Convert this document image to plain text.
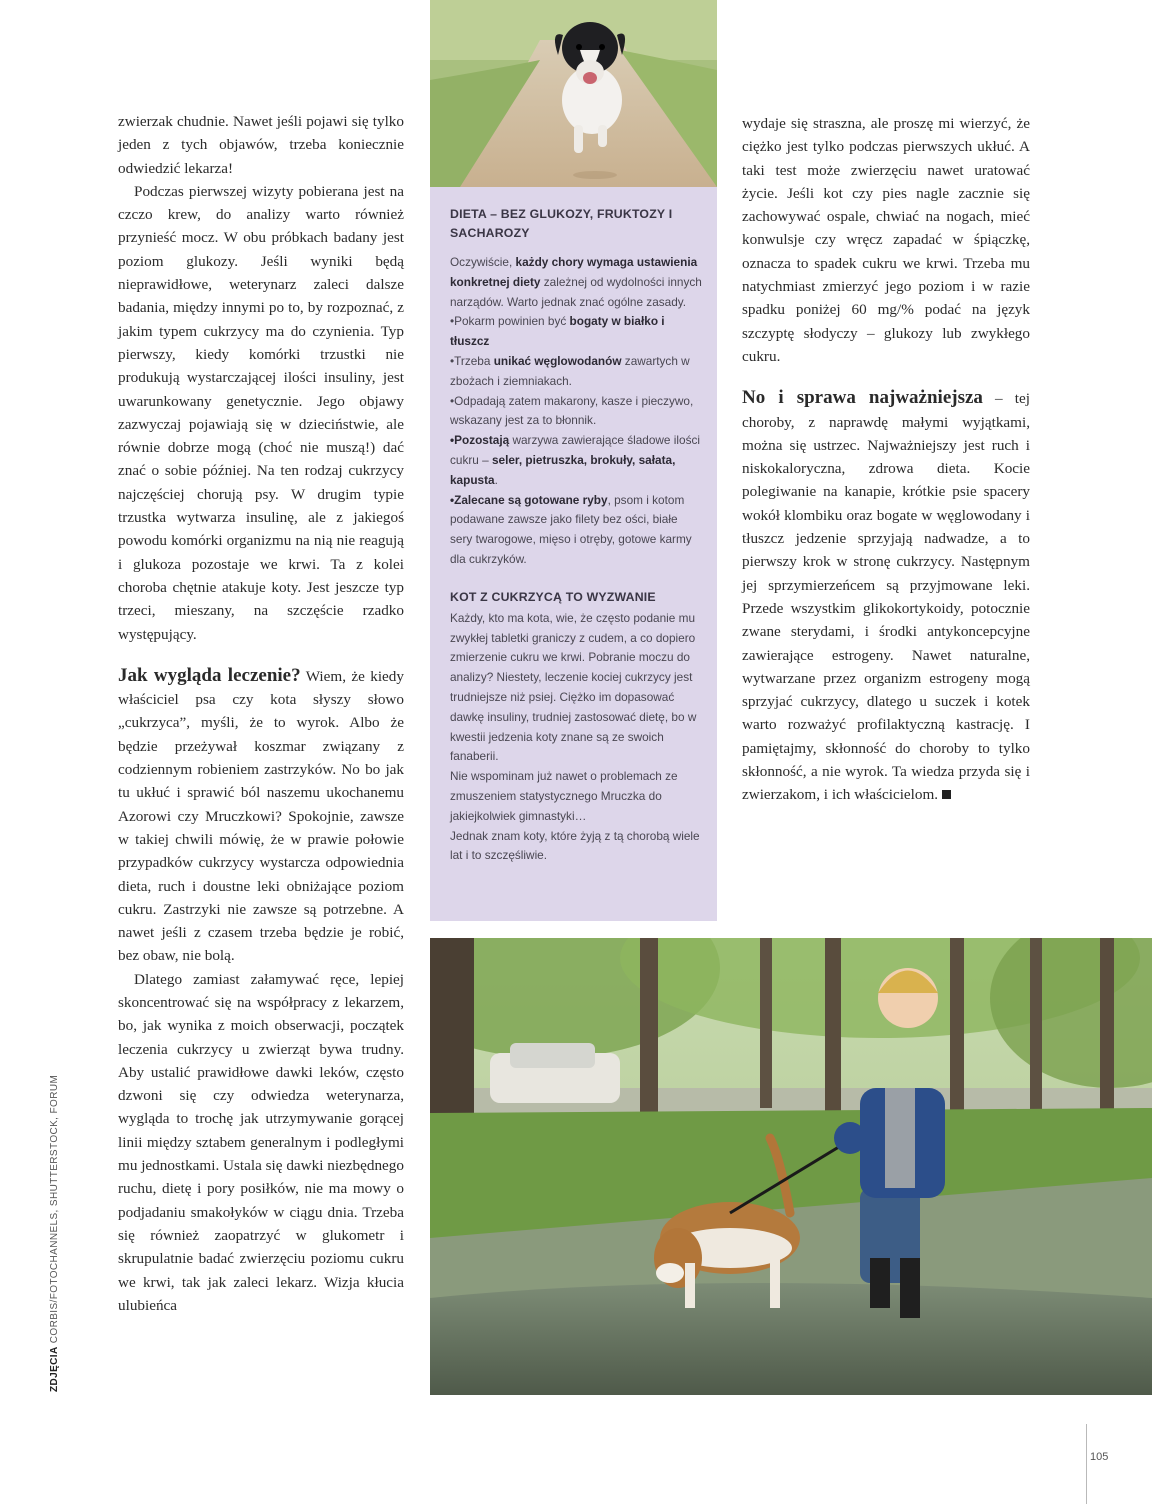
zwierzak chudnie. Nawet jeśli pojawi się tylko jeden z tych objawów, trzeba koniecznie odwiedzić lekarza!

Podczas pierwszej wizyty pobierana jest na czczo krew, do analizy warto również przynieść mocz. W obu próbkach badany jest poziom glukozy. Jeśli wyniki będą nieprawidłowe, weterynarz zaleci dalsze badania, między innymi po to, by rozpoznać, z jakim typem cukrzycy ma do czynienia. Typ pierwszy, kiedy komórki trzustki nie produkują wystarczającej ilości insuliny, jest uwarunkowany genetycznie. Jego objawy zazwyczaj pojawiają się w dzieciństwie, ale równie dobrze mogą (choć nie muszą!) dać znać o sobie później. Na ten rodzaj cukrzycy najczęściej chorują psy. W drugim typie trzustka wytwarza insulinę, ale z jakiegoś powodu komórki organizmu na nią nie reagują i glukoza pozostaje we krwi. Ta z kolei choroba chętnie atakuje koty. Jest jeszcze typ trzeci, mieszany, na szczęście rzadko występujący.

Jak wygląda leczenie? Wiem, że kiedy właściciel psa czy kota słyszy słowo „cukrzyca”, myśli, że to wyrok. Albo że będzie przeżywał koszmar związany z codziennym robieniem zastrzyków. No bo jak tu ukłuć i sprawić ból naszemu ukochanemu Azorowi czy Mruczkowi? Spokojnie, zawsze w takiej chwili mówię, że w prawie połowie przypadków cukrzycy wystarcza odpowiednia dieta, ruch i doustne leki obniżające poziom cukru. Zastrzyki nie zawsze są potrzebne. A nawet jeśli z czasem trzeba będzie je robić, bez obaw, nie bolą.

Dlatego zamiast załamywać ręce, lepiej skoncentrować się na współpracy z lekarzem, bo, jak wynika z moich obserwacji, początek leczenia cukrzycy u zwierząt bywa trudny. Aby ustalić prawidłowe dawki leków, często dzwoni się czy odwiedza weterynarza, wygląda to trochę jak utrzymywanie gorącej linii między sztabem generalnym i podległymi mu jednostkami. Ustala się dawki niezbędnego ruchu, dietę i pory posiłków, nie ma mowy o podjadaniu smakołyków w ciągu dnia. Trzeba się również zaopatrzyć w glukometr i skrupulatnie badać zwierzęciu poziomu cukru we krwi, tak jak zaleci lekarz. Wizja kłucia ulubieńca

DIETA – BEZ GLUKOZY, FRUKTOZY I SACHAROZY

Oczywiście, każdy chory wymaga ustawienia konkretnej diety zależnej od wydolności innych narządów. Warto jednak znać ogólne zasady.
•Pokarm powinien być bogaty w białko i tłuszcz
•Trzeba unikać węglowodanów zawartych w zbożach i ziemniakach.
•Odpadają zatem makarony, kasze i pieczywo, wskazany jest za to błonnik.
•Pozostają warzywa zawierające śladowe ilości cukru – seler, pietruszka, brokuły, sałata, kapusta.
•Zalecane są gotowane ryby, psom i kotom podawane zawsze jako filety bez ości, białe sery twarogowe, mięso i otręby, gotowe karmy dla cukrzyków.

KOT Z CUKRZYCĄ TO WYZWANIE

Każdy, kto ma kota, wie, że często podanie mu zwykłej tabletki graniczy z cudem, a co dopiero zmierzenie cukru we krwi. Pobranie moczu do analizy? Niestety, leczenie kociej cukrzycy jest trudniejsze niż psiej. Ciężko im dopasować dawkę insuliny, trudniej zastosować dietę, bo w kwestii jedzenia koty znane są ze swoich fanaberii.
Nie wspominam już nawet o problemach ze zmuszeniem statystycznego Mruczka do jakiejkolwiek gimnastyki…
Jednak znam koty, które żyją z tą chorobą wiele lat i to szczęśliwie.

wydaje się straszna, ale proszę mi wierzyć, że ciężko jest tylko podczas pierwszych ukłuć. A taki test może zwierzęciu nawet uratować życie. Jeśli kot czy pies nagle zacznie się zachowywać ospale, chwiać na nogach, mieć konwulsje czy wręcz zapadać w śpiączkę, oznacza to spadek cukru we krwi. Trzeba mu natychmiast zmierzyć jego poziom i w razie spadku poniżej 60 mg/% podać na język szczyptę słodyczy – glukozy lub zwykłego cukru.

No i sprawa najważniejsza – tej choroby, z naprawdę małymi wyjątkami, można się ustrzec. Najważniejszy jest ruch i niskokaloryczna, zdrowa dieta. Kocie polegiwanie na kanapie, krótkie psie spacery wokół klombiku oraz bogate w węglowodany i tłuszcz jedzenie sprzyjają nadwadze, a to pierwszy krok w stronę cukrzycy. Następnym jej sprzymierzeńcem są przyjmowane leki. Przede wszystkim glikokortykoidy, potocznie zwane sterydami, i środki antykoncepcyjne zawierające estrogeny. Nawet naturalne, wytwarzane przez organizm estrogeny mogą sprzyjać cukrzycy, dlatego u suczek i kotek warto rozważyć profilaktyczną kastrację. I pamiętajmy, skłonność do choroby to tylko skłonność, a nie wyrok. Ta wiedza przyda się i zwierzakom, i ich właścicielom.

ZDJĘCIA CORBIS/FOTOCHANNELS, SHUTTERSTOCK, FORUM
105
